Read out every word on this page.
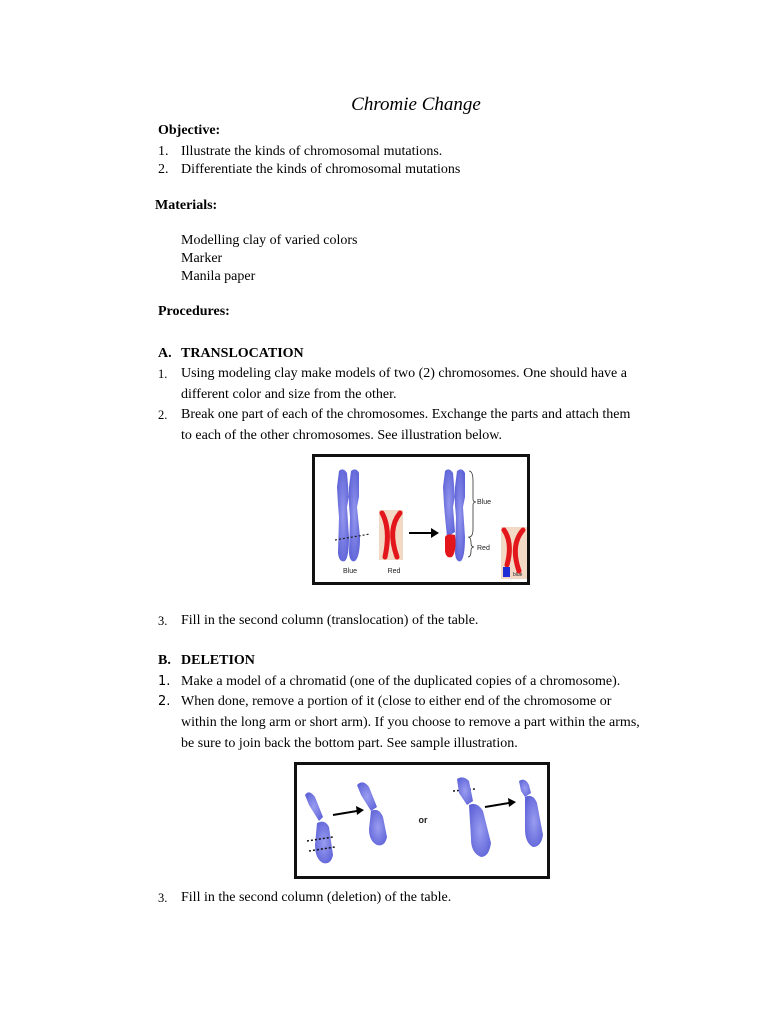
Chromie Change
Objective:
1. Illustrate the kinds of chromosomal mutations.
2. Differentiate the kinds of chromosomal mutations
Materials:
Modelling clay of varied colors
Marker
Manila paper
Procedures:
A. TRANSLOCATION
1. Using modeling clay make models of two (2) chromosomes. One should have a
different color and size from the other.
2. Break one part of each of the chromosomes. Exchange the parts and attach them
to each of the other chromosomes. See illustration below.
Blue	Red
Blue
Red
blue
3. Fill in the second column (translocation) of the table.
B. DELETION
1. Make a model of a chromatid (one of the duplicated copies of a chromosome).
2. When done, remove a portion of it (close to either end of the chromosome or
within the long arm or short arm). If you choose to remove a part within the arms,
be sure to join back the bottom part. See sample illustration.
or
3. Fill in the second column (deletion) of the table.
